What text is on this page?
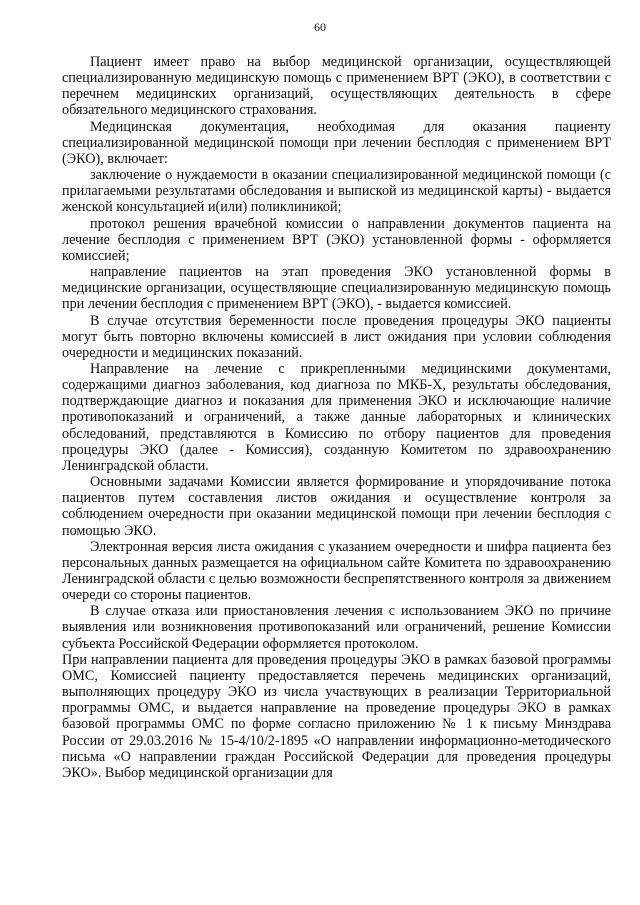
60

Пациент имеет право на выбор медицинской организации, осуществляющей специализированную медицинскую помощь с применением ВРТ (ЭКО), в соответствии с перечнем медицинских организаций, осуществляющих деятельность в сфере обязательного медицинского страхования.

Медицинская документация, необходимая для оказания пациенту специализированной медицинской помощи при лечении бесплодия с применением ВРТ (ЭКО), включает:

заключение о нуждаемости в оказании специализированной медицинской помощи (с прилагаемыми результатами обследования и выпиской из медицинской карты) - выдается женской консультацией и(или) поликлиникой;

протокол решения врачебной комиссии о направлении документов пациента на лечение бесплодия с применением ВРТ (ЭКО) установленной формы - оформляется комиссией;

направление пациентов на этап проведения ЭКО установленной формы в медицинские организации, осуществляющие специализированную медицинскую помощь при лечении бесплодия с применением ВРТ (ЭКО), - выдается комиссией.

В случае отсутствия беременности после проведения процедуры ЭКО пациенты могут быть повторно включены комиссией в лист ожидания при условии соблюдения очередности и медицинских показаний.

Направление на лечение с прикрепленными медицинскими документами, содержащими диагноз заболевания, код диагноза по МКБ-Х, результаты обследования, подтверждающие диагноз и показания для применения ЭКО и исключающие наличие противопоказаний и ограничений, а также данные лабораторных и клинических обследований, представляются в Комиссию по отбору пациентов для проведения процедуры ЭКО (далее - Комиссия), созданную Комитетом по здравоохранению Ленинградской области.

Основными задачами Комиссии является формирование и упорядочивание потока пациентов путем составления листов ожидания и осуществление контроля за соблюдением очередности при оказании медицинской помощи при лечении бесплодия с помощью ЭКО.

Электронная версия листа ожидания с указанием очередности и шифра пациента без персональных данных размещается на официальном сайте Комитета по здравоохранению Ленинградской области с целью возможности беспрепятственного контроля за движением очереди со стороны пациентов.

В случае отказа или приостановления лечения с использованием ЭКО по причине выявления или возникновения противопоказаний или ограничений, решение Комиссии субъекта Российской Федерации оформляется протоколом.

При направлении пациента для проведения процедуры ЭКО в рамках базовой программы ОМС, Комиссией пациенту предоставляется перечень медицинских организаций, выполняющих процедуру ЭКО из числа участвующих в реализации Территориальной программы ОМС, и выдается направление на проведение процедуры ЭКО в рамках базовой программы ОМС по форме согласно приложению № 1 к письму Минздрава России от 29.03.2016 № 15-4/10/2-1895 «О направлении информационно-методического письма «О направлении граждан Российской Федерации для проведения процедуры ЭКО». Выбор медицинской организации для
